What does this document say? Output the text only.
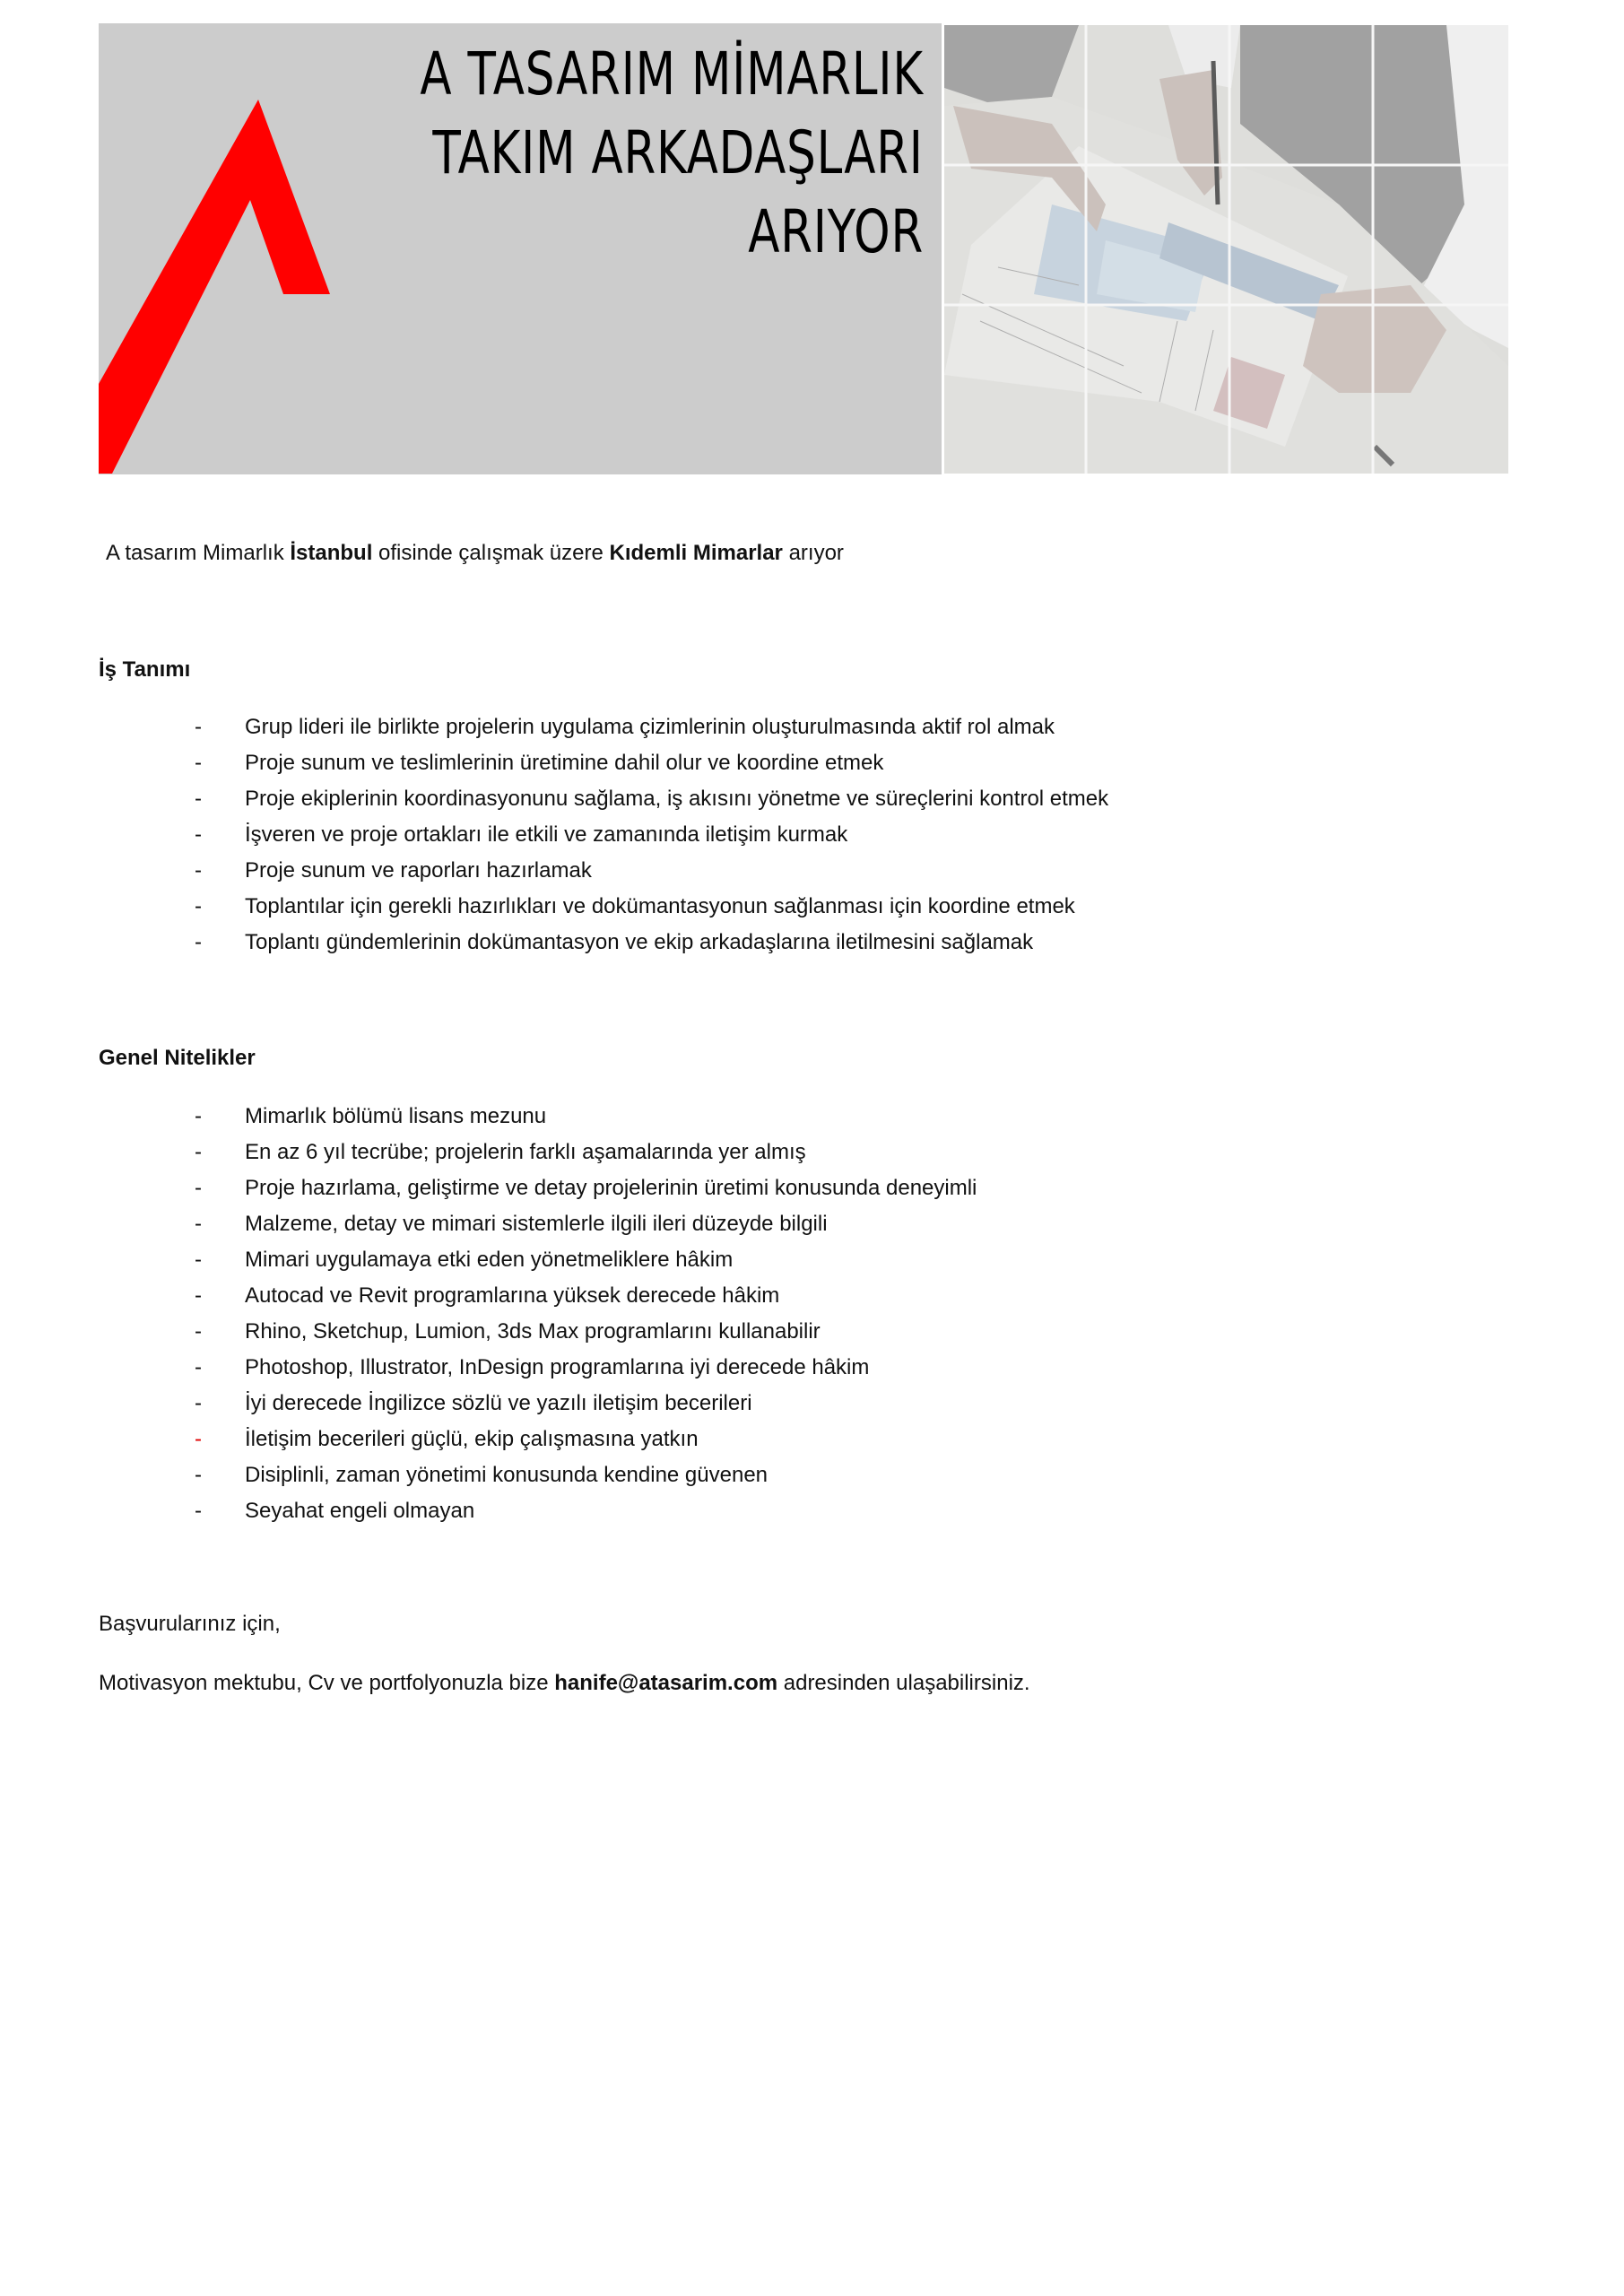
A TASARIM MİMARLIK
TAKIM ARKADAŞLARI
ARIYOR
A tasarım Mimarlık İstanbul ofisinde çalışmak üzere Kıdemli Mimarlar arıyor
İş Tanımı
- Grup lideri ile birlikte projelerin uygulama çizimlerinin oluşturulmasında aktif rol almak
- Proje sunum ve teslimlerinin üretimine dahil olur ve koordine etmek
- Proje ekiplerinin koordinasyonunu sağlama, iş akısını yönetme ve süreçlerini kontrol etmek
- İşveren ve proje ortakları ile etkili ve zamanında iletişim kurmak
- Proje sunum ve raporları hazırlamak
- Toplantılar için gerekli hazırlıkları ve dokümantasyonun sağlanması için koordine etmek
- Toplantı gündemlerinin dokümantasyon ve ekip arkadaşlarına iletilmesini sağlamak
Genel Nitelikler
- Mimarlık bölümü lisans mezunu
- En az 6 yıl tecrübe; projelerin farklı aşamalarında yer almış
- Proje hazırlama, geliştirme ve detay projelerinin üretimi konusunda deneyimli
- Malzeme, detay ve mimari sistemlerle ilgili ileri düzeyde bilgili
- Mimari uygulamaya etki eden yönetmeliklere hâkim
- Autocad ve Revit programlarına yüksek derecede hâkim
- Rhino, Sketchup, Lumion, 3ds Max programlarını kullanabilir
- Photoshop, Illustrator, InDesign programlarına iyi derecede hâkim
- İyi derecede İngilizce sözlü ve yazılı iletişim becerileri
- İletişim becerileri güçlü, ekip çalışmasına yatkın
- Disiplinli, zaman yönetimi konusunda kendine güvenen
- Seyahat engeli olmayan
Başvurularınız için,
Motivasyon mektubu, Cv ve portfolyonuzla bize hanife@atasarim.com adresinden ulaşabilirsiniz.
